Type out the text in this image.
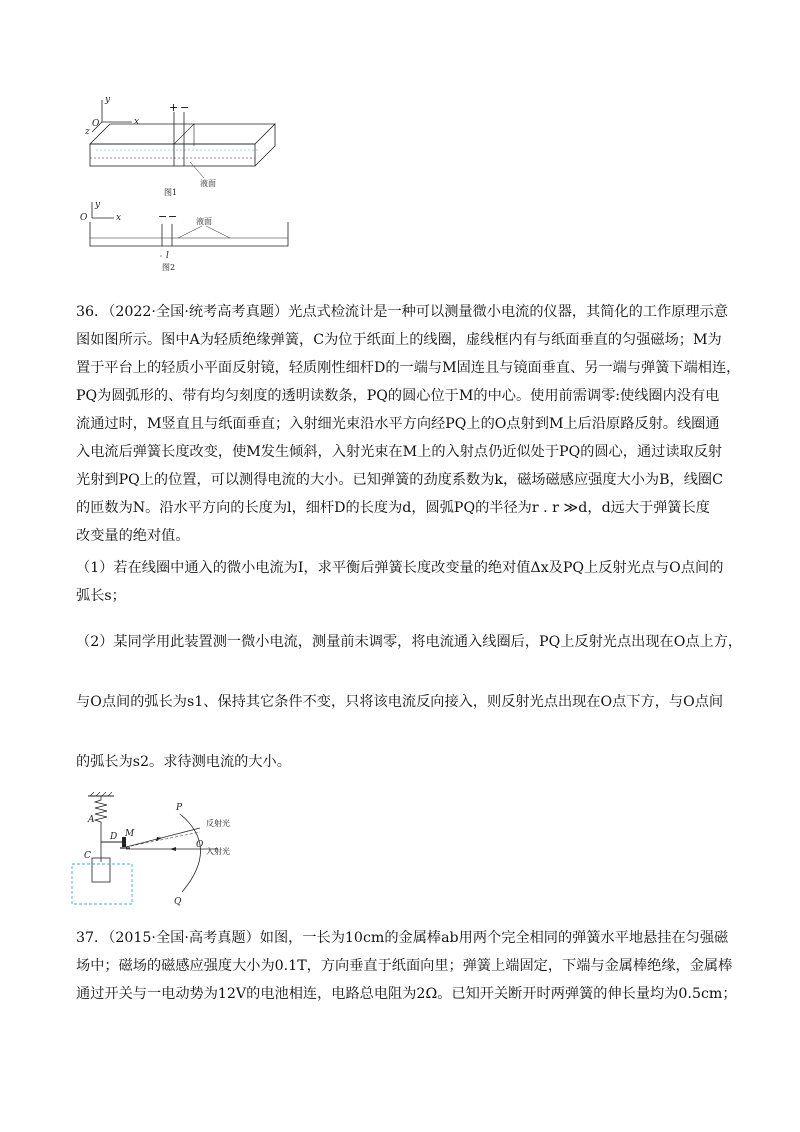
y
x
O
z
+ −
液面
图1
O
y
x	− − 液面
l
图2
36．（2022·全国·统考高考真题）光点式检流计是一种可以测量微小电流的仪器，其简化的工作原理示意
图如图所示。图中A为轻质绝缘弹簧，C为位于纸面上的线圈，虚线框内有与纸面垂直的匀强磁场；M为
置于平台上的轻质小平面反射镜，轻质刚性细杆D的一端与M固连且与镜面垂直、另一端与弹簧下端相连，
PQ为圆弧形的、带有均匀刻度的透明读数条，PQ的圆心位于M的中心。使用前需调零:使线圈内没有电
流通过时，M竖直且与纸面垂直；入射细光束沿水平方向经PQ上的O点射到M上后沿原路反射。线圈通
入电流后弹簧长度改变，使M发生倾斜，入射光束在M上的入射点仍近似处于PQ的圆心，通过读取反射
光射到PQ上的位置，可以测得电流的大小。已知弹簧的劲度系数为k，磁场磁感应强度大小为B，线圈C
的匝数为N。沿水平方向的长度为l，细杆D的长度为d，圆弧PQ的半径为r . r ≫d，d远大于弹簧长度
改变量的绝对值。
（1）若在线圈中通入的微小电流为I，求平衡后弹簧长度改变量的绝对值Δx及PQ上反射光点与O点间的
弧长s；
（2）某同学用此装置测一微小电流，测量前未调零，将电流通入线圈后，PQ上反射光点出现在O点上方，
与O点间的弧长为s1、保持其它条件不变，只将该电流反向接入，则反射光点出现在O点下方，与O点间
的弧长为s2。求待测电流的大小。
A
D M
C
P
Q
O
入射光
反射光
37．（2015·全国·高考真题）如图，一长为10cm的金属棒ab用两个完全相同的弹簧水平地悬挂在匀强磁
场中；磁场的磁感应强度大小为0.1T，方向垂直于纸面向里；弹簧上端固定，下端与金属棒绝缘，金属棒
通过开关与一电动势为12V的电池相连，电路总电阻为2Ω。已知开关断开时两弹簧的伸长量均为0.5cm；
